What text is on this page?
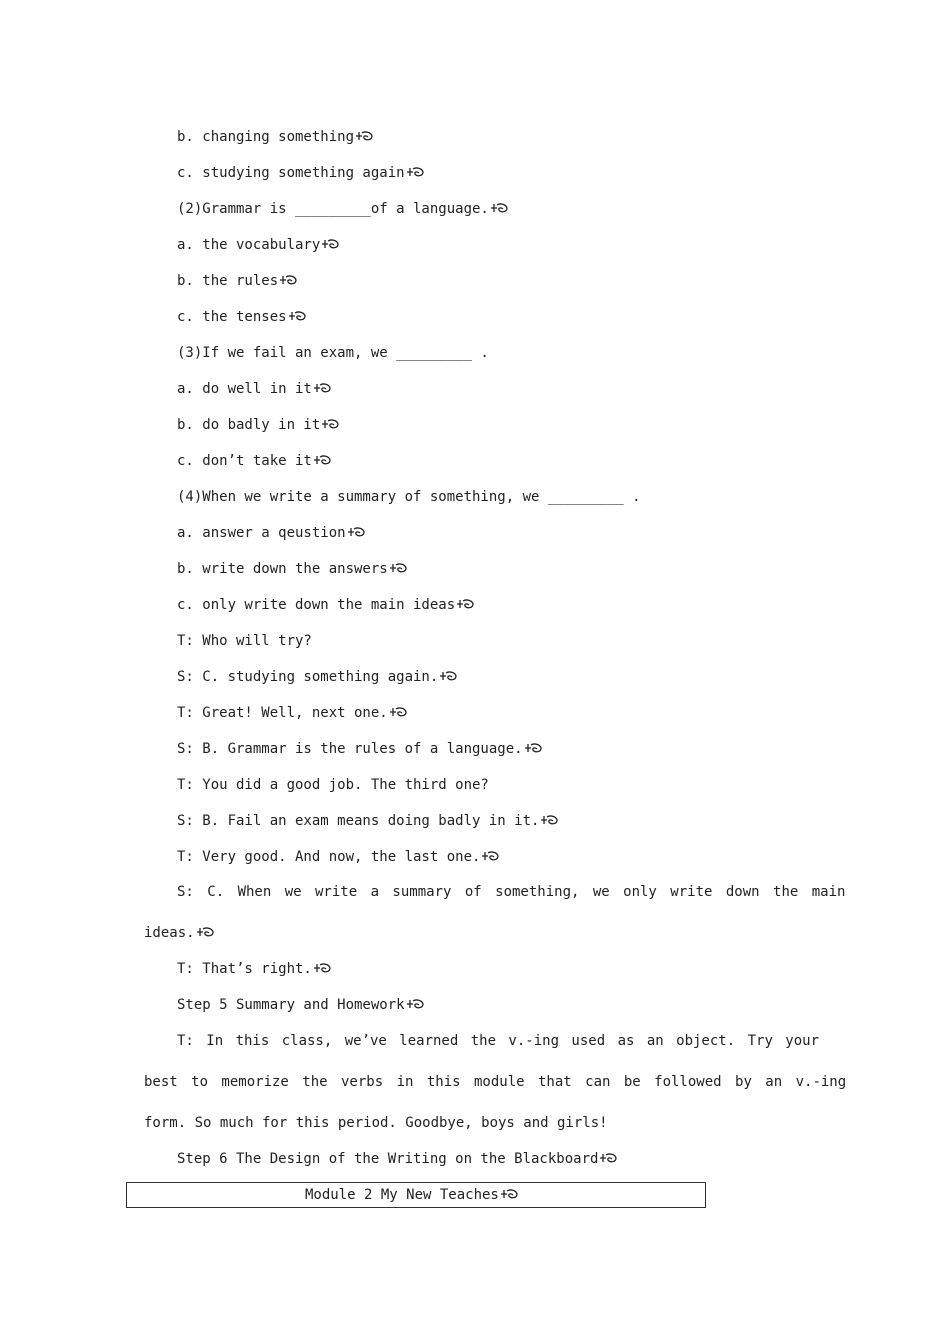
b. changing something
c. studying something again
(2)Grammar is _________of a language.
a. the vocabulary
b. the rules
c. the tenses
(3)If we fail an exam, we _________ .
a. do well in it
b. do badly in it
c. don’t take it
(4)When we write a summary of something, we _________ .
a. answer a qeustion
b. write down the answers
c. only write down the main ideas
T: Who will try?
S: C. studying something again.
T: Great! Well, next one.
S: B. Grammar is the rules of a language.
T: You did a good job. The third one?
S: B. Fail an exam means doing badly in it.
T: Very good. And now, the last one.
S: C. When we write a summary of something, we only write down the main
ideas.
T: That’s right.
Step 5 Summary and Homework
T: In this class, we’ve learned the v.-ing used as an object. Try your
best to memorize the verbs in this module that can be followed by an v.-ing
form. So much for this period. Goodbye, boys and girls!
Step 6 The Design of the Writing on the Blackboard
Module 2 My New Teaches
